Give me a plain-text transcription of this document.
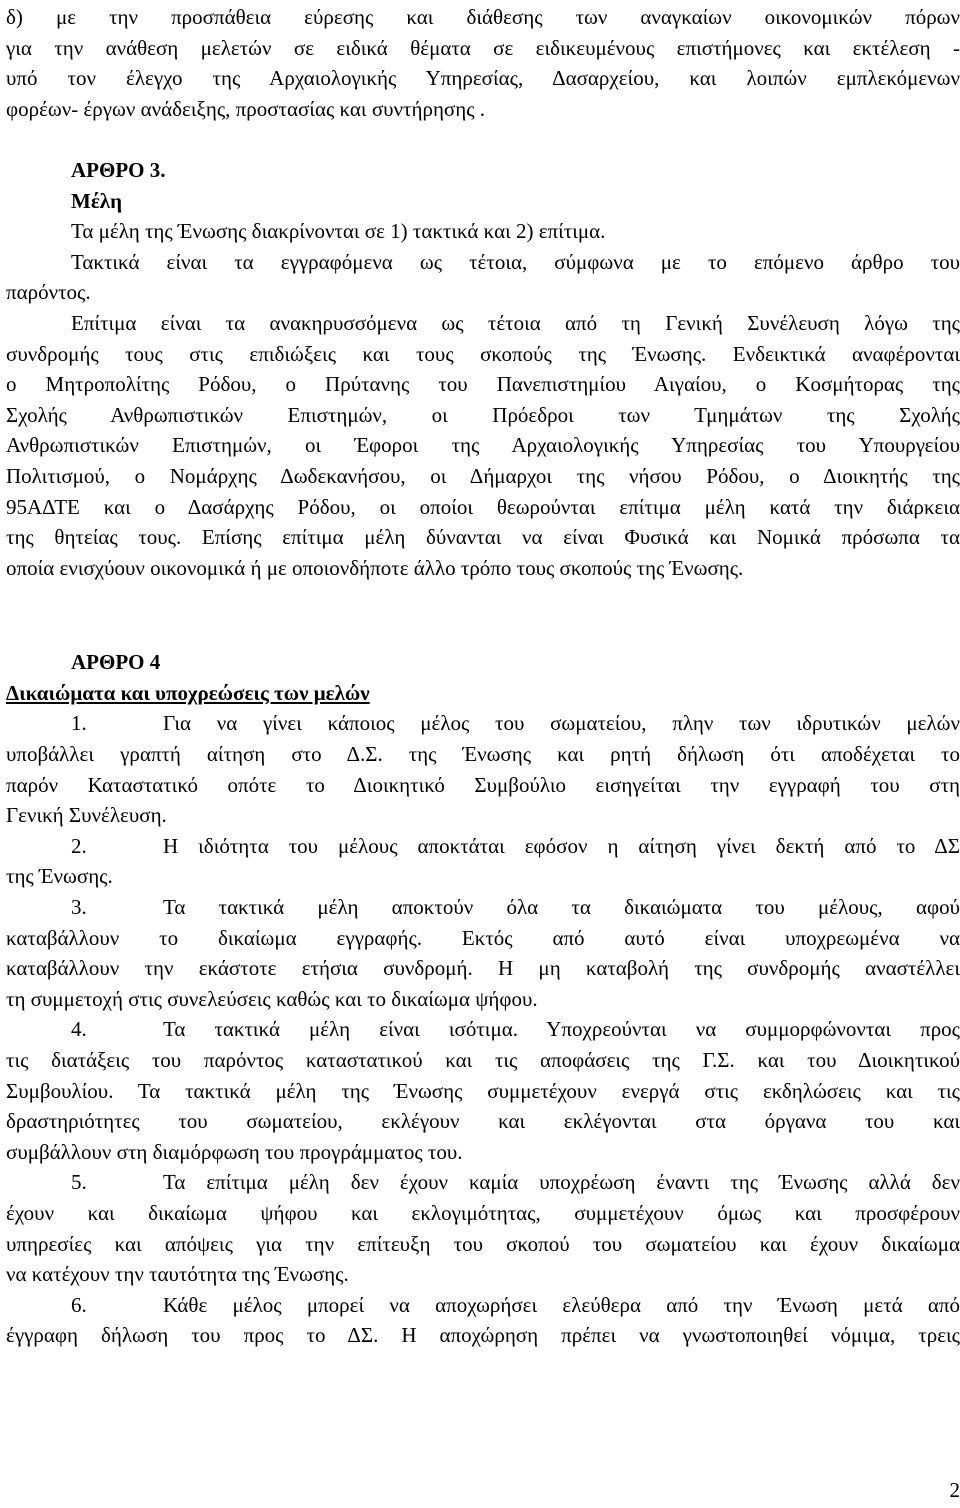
δ) με την προσπάθεια εύρεσης και διάθεσης των αναγκαίων οικονομικών πόρων
για την ανάθεση μελετών σε ειδικά θέματα σε ειδικευμένους επιστήμονες και εκτέλεση -
υπό τον έλεγχο της Αρχαιολογικής Υπηρεσίας, Δασαρχείου, και λοιπών εμπλεκόμενων
φορέων- έργων ανάδειξης, προστασίας και συντήρησης .
ΑΡΘΡΟ 3.
Μέλη
Τα μέλη της Ένωσης διακρίνονται σε 1) τακτικά και 2) επίτιμα.
Τακτικά είναι τα εγγραφόμενα ως τέτοια, σύμφωνα με το επόμενο άρθρο του
παρόντος.
Επίτιμα είναι τα ανακηρυσσόμενα ως τέτοια από τη Γενική Συνέλευση λόγω της
συνδρομής τους στις επιδιώξεις και τους σκοπούς της Ένωσης. Ενδεικτικά αναφέρονται
ο Μητροπολίτης Ρόδου, ο Πρύτανης του Πανεπιστημίου Αιγαίου, ο Κοσμήτορας της
Σχολής Ανθρωπιστικών Επιστημών, οι Πρόεδροι των Τμημάτων της Σχολής
Ανθρωπιστικών Επιστημών, οι Έφοροι της Αρχαιολογικής Υπηρεσίας του Υπουργείου
Πολιτισμού, ο Νομάρχης Δωδεκανήσου, οι Δήμαρχοι της νήσου Ρόδου, ο Διοικητής της
95ΑΔΤΕ και ο Δασάρχης Ρόδου, οι οποίοι θεωρούνται επίτιμα μέλη κατά την διάρκεια
της θητείας τους. Επίσης επίτιμα μέλη δύνανται να είναι Φυσικά και Νομικά πρόσωπα τα
οποία ενισχύουν οικονομικά ή με οποιονδήποτε άλλο τρόπο τους σκοπούς της Ένωσης.
ΑΡΘΡΟ 4
Δικαιώματα και υποχρεώσεις των μελών
1.	Για να γίνει κάποιος μέλος του σωματείου, πλην των ιδρυτικών μελών
υποβάλλει γραπτή αίτηση στο Δ.Σ. της Ένωσης και ρητή δήλωση ότι αποδέχεται το
παρόν Καταστατικό οπότε το Διοικητικό Συμβούλιο εισηγείται την εγγραφή του στη
Γενική Συνέλευση.
2.	Η ιδιότητα του μέλους αποκτάται εφόσον η αίτηση γίνει δεκτή από το ΔΣ
της Ένωσης.
3.	Τα τακτικά μέλη αποκτούν όλα τα δικαιώματα του μέλους, αφού
καταβάλλουν το δικαίωμα εγγραφής. Εκτός από αυτό είναι υποχρεωμένα να
καταβάλλουν την εκάστοτε ετήσια συνδρομή. Η μη καταβολή της συνδρομής αναστέλλει
τη συμμετοχή στις συνελεύσεις καθώς και το δικαίωμα ψήφου.
4.	Τα τακτικά μέλη είναι ισότιμα. Υποχρεούνται να συμμορφώνονται προς
τις διατάξεις του παρόντος καταστατικού και τις αποφάσεις της Γ.Σ. και του Διοικητικού
Συμβουλίου. Τα τακτικά μέλη της Ένωσης συμμετέχουν ενεργά στις εκδηλώσεις και τις
δραστηριότητες του σωματείου, εκλέγουν και εκλέγονται στα όργανα του και
συμβάλλουν στη διαμόρφωση του προγράμματος του.
5.	Τα επίτιμα μέλη δεν έχουν καμία υποχρέωση έναντι της Ένωσης αλλά δεν
έχουν και δικαίωμα ψήφου και εκλογιμότητας, συμμετέχουν όμως και προσφέρουν
υπηρεσίες και απόψεις για την επίτευξη του σκοπού του σωματείου και έχουν δικαίωμα
να κατέχουν την ταυτότητα της Ένωσης.
6.	Κάθε μέλος μπορεί να αποχωρήσει ελεύθερα από την Ένωση μετά από
έγγραφη δήλωση του προς το ΔΣ. Η αποχώρηση πρέπει να γνωστοποιηθεί νόμιμα, τρεις
2
